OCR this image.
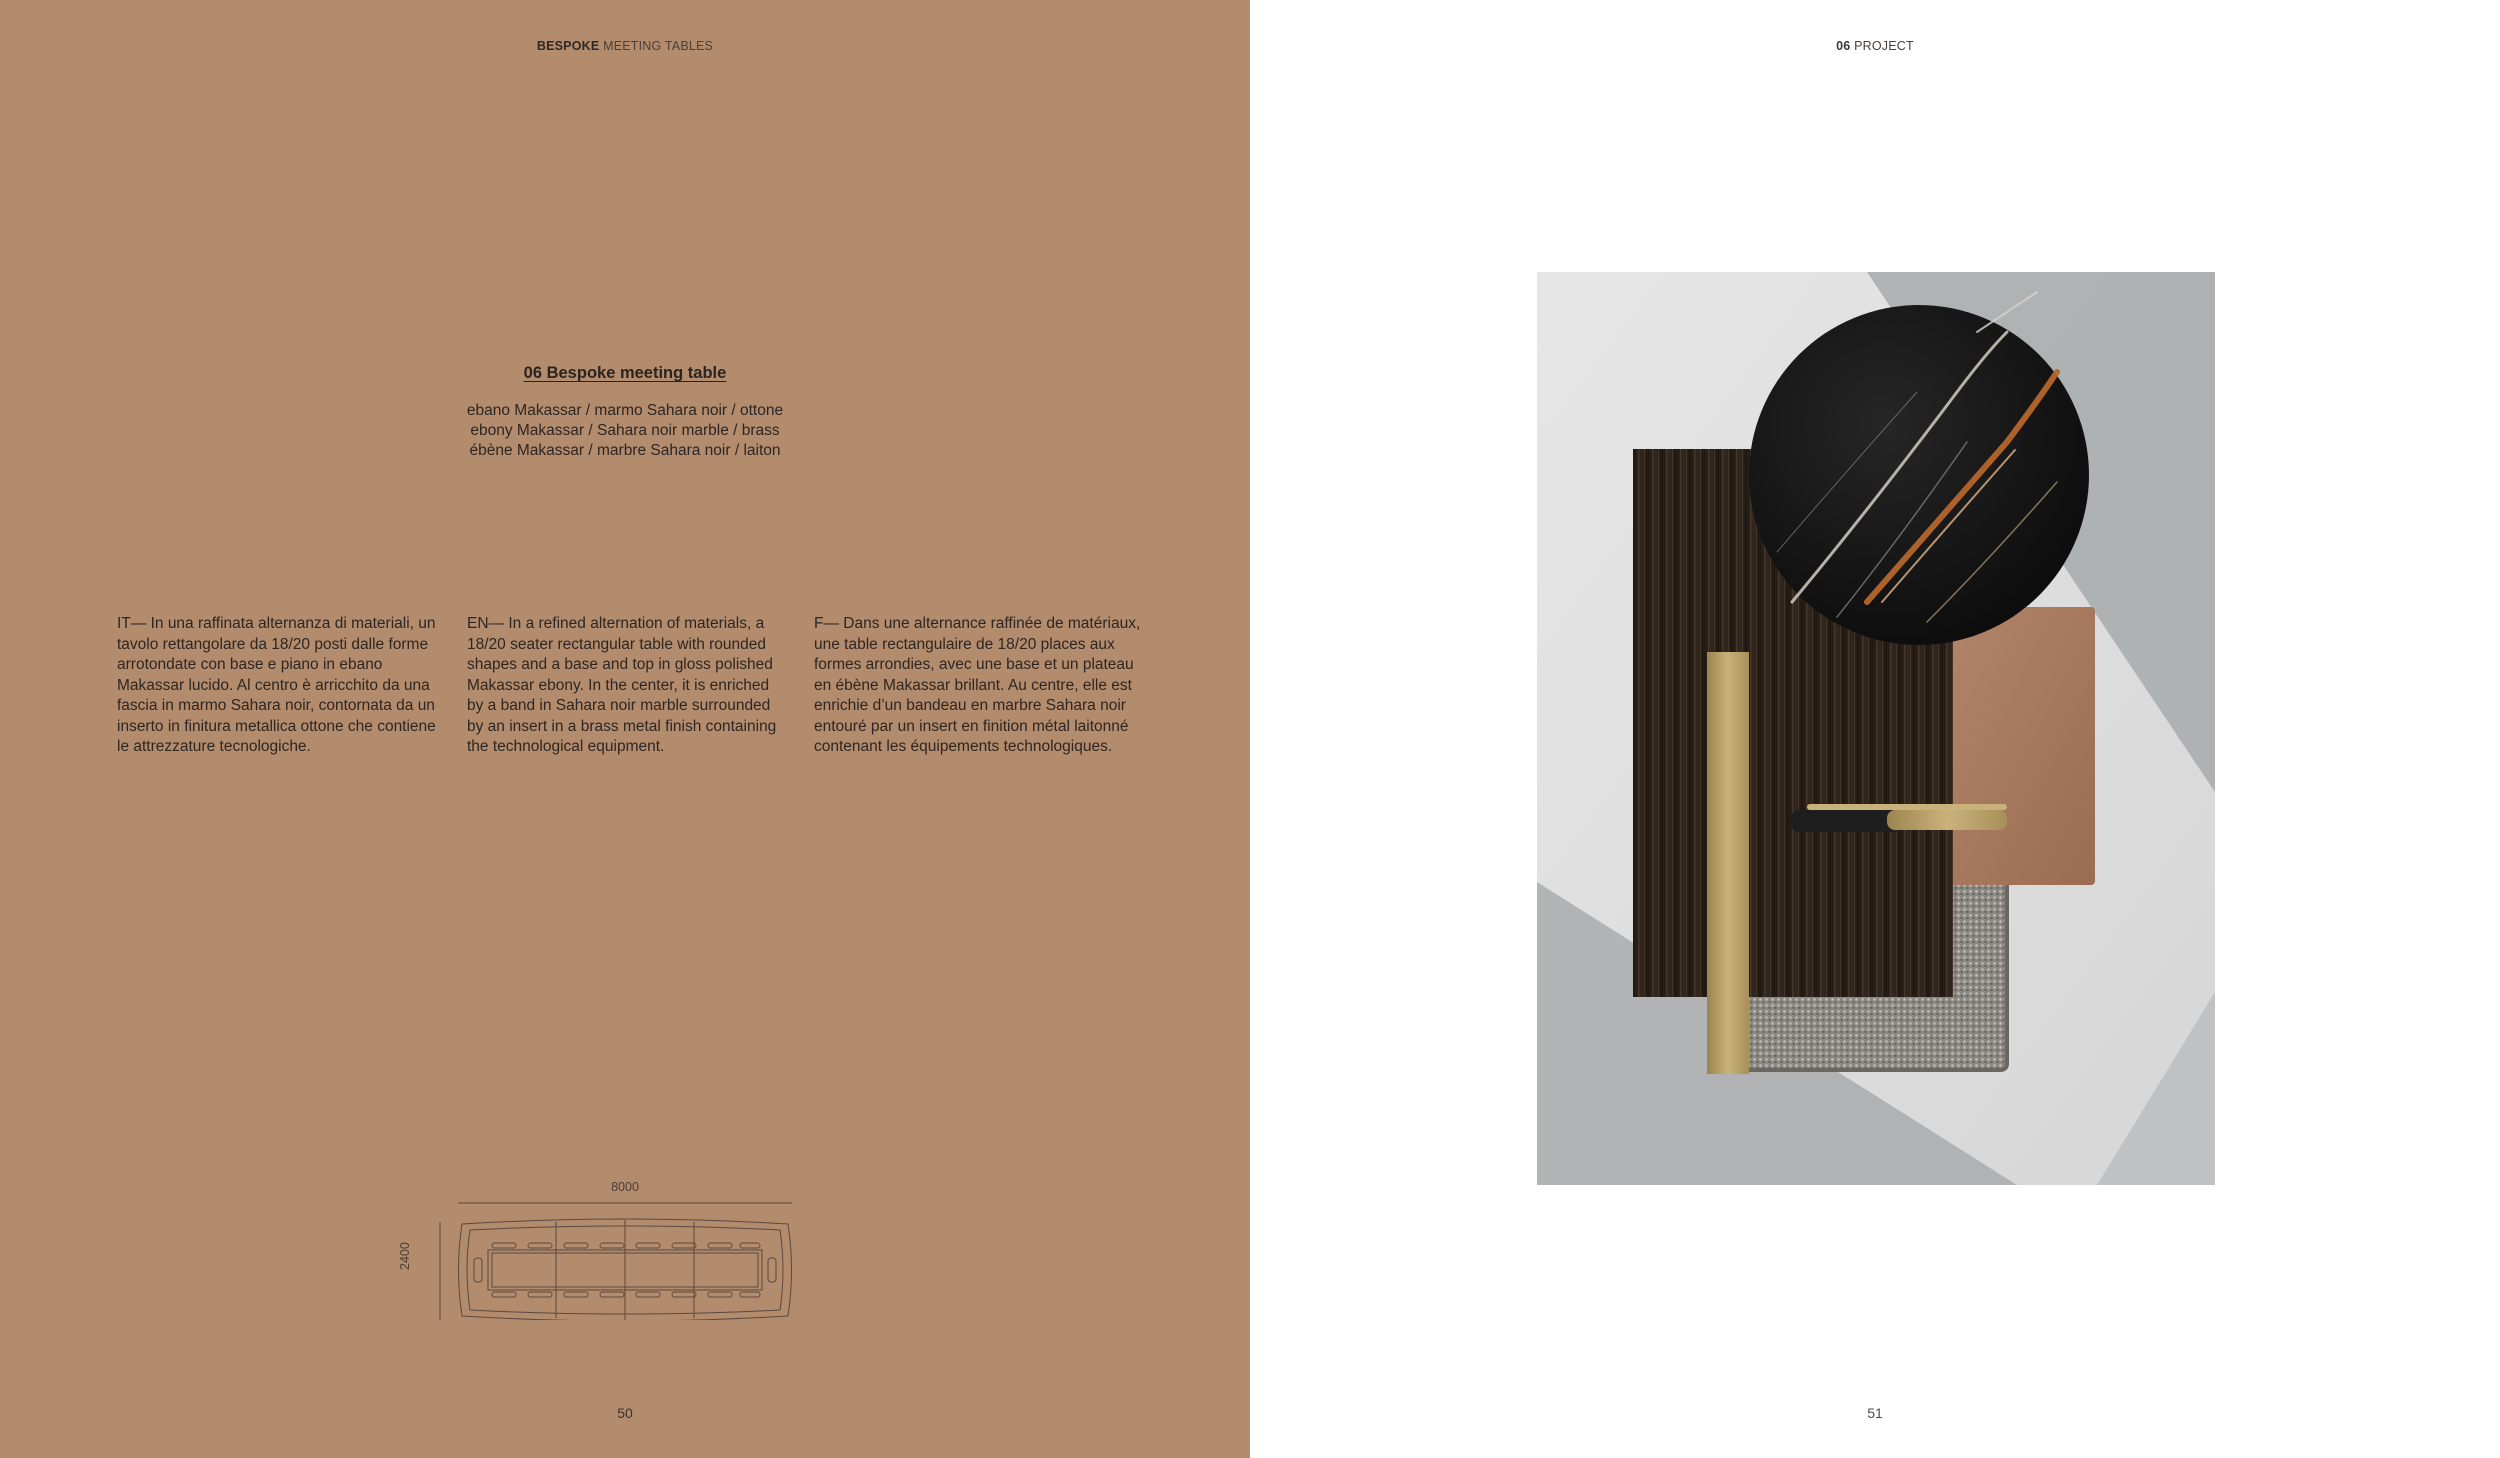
BESPOKE MEETING TABLES
06 Bespoke meeting table
ebano Makassar / marmo Sahara noir / ottone
ebony Makassar / Sahara noir marble / brass
ébène Makassar / marbre Sahara noir / laiton
IT— In una raffinata alternanza di materiali, un tavolo rettangolare da 18/20 posti dalle forme arrotondate con base e piano in ebano Makassar lucido. Al centro è arricchito da una fascia in marmo Sahara noir, contornata da un inserto in finitura metallica ottone che contiene le attrezzature tecnologiche.
EN— In a refined alternation of materials, a 18/20 seater rectangular table with rounded shapes and a base and top in gloss polished Makassar ebony. In the center, it is enriched by a band in Sahara noir marble surrounded by an insert in a brass metal finish containing the technological equipment.
F— Dans une alternance raffinée de matériaux, une table rectangulaire de 18/20 places aux formes arrondies, avec une base et un plateau en ébène Makassar brillant. Au centre, elle est enrichie d’un bandeau en marbre Sahara noir entouré par un insert en finition métal laitonné contenant les équipements technologiques.
8000
2400
50
06 PROJECT
51
